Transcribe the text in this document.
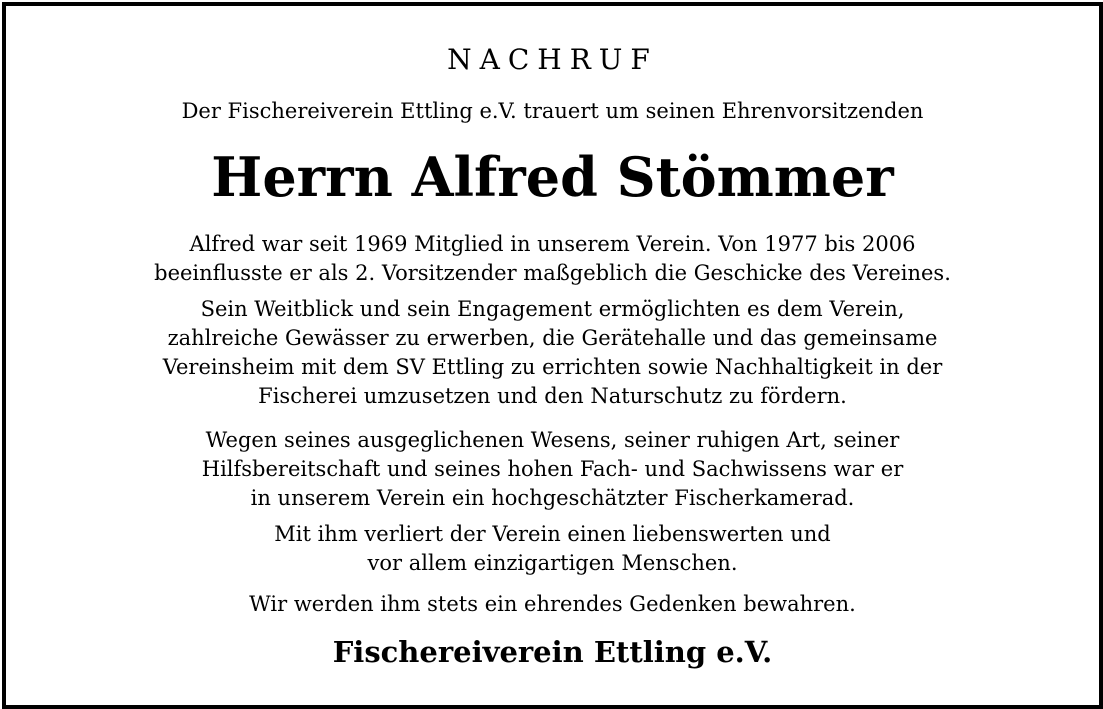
NACHRUF
Der Fischereiverein Ettling e.V. trauert um seinen Ehrenvorsitzenden
Herrn Alfred Stömmer
Alfred war seit 1969 Mitglied in unserem Verein. Von 1977 bis 2006
beeinflusste er als 2. Vorsitzender maßgeblich die Geschicke des Vereines.
Sein Weitblick und sein Engagement ermöglichten es dem Verein,
zahlreiche Gewässer zu erwerben, die Gerätehalle und das gemeinsame
Vereinsheim mit dem SV Ettling zu errichten sowie Nachhaltigkeit in der
Fischerei umzusetzen und den Naturschutz zu fördern.
Wegen seines ausgeglichenen Wesens, seiner ruhigen Art, seiner
Hilfsbereitschaft und seines hohen Fach- und Sachwissens war er
in unserem Verein ein hochgeschätzter Fischerkamerad.
Mit ihm verliert der Verein einen liebenswerten und
vor allem einzigartigen Menschen.
Wir werden ihm stets ein ehrendes Gedenken bewahren.
Fischereiverein Ettling e.V.
